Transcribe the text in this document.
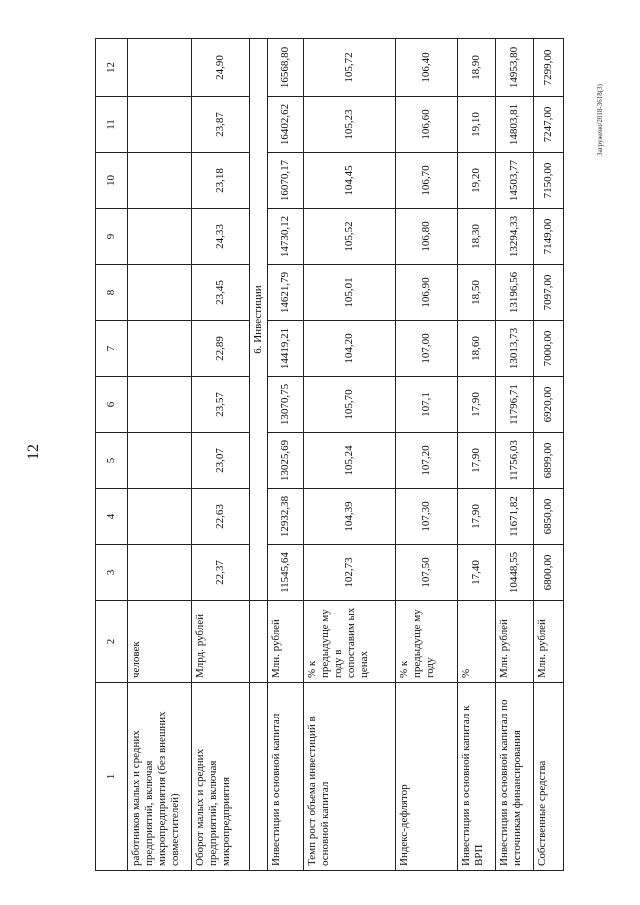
12
Загружено/2018-3618(3)
1	2	3	4	5	6	7	8	9	10	11	12
работников малых и средних предприятий, включая микропредприятия (без внешних совместителей)	человек										
Оборот малых и средних предприятий, включая микропредприятия	Млрд. рублей	22,37	22,63	23,07	23,57	22,89	23,45	24,33	23,18	23,87	24,90
		6. Инвестиции									
Инвестиции в основной капитал	Млн. рублей	11545,64	12932,38	13025,69	13070,75	14419,21	14621,79	14730,12	16070,17	16402,62	16568,80
Темп рост объема инвестиций в основной капитал	% к предыдуще му году в сопоставим ых ценах	102,73	104,39	105,24	105,70	104,20	105,01	105,52	104,45	105,23	105,72
Индекс-дефлятор	% к предыдуще му году	107,50	107,30	107,20	107,1	107,00	106,90	106,80	106,70	106,60	106,40
Инвестиции в основной капитал к ВРП	%	17,40	17,90	17,90	17,90	18,60	18,50	18,30	19,20	19,10	18,90
Инвестиции в основной капитал по источникам финансирования	Млн. рублей	10448,55	11671,82	11756,03	11796,71	13013,73	13196,56	13294,33	14503,77	14803,81	14953,80
Собственные средства	Млн. рублей	6800,00	6850,00	6899,00	6920,00	7000,00	7097,00	7149,00	7150,00	7247,00	7299,00
